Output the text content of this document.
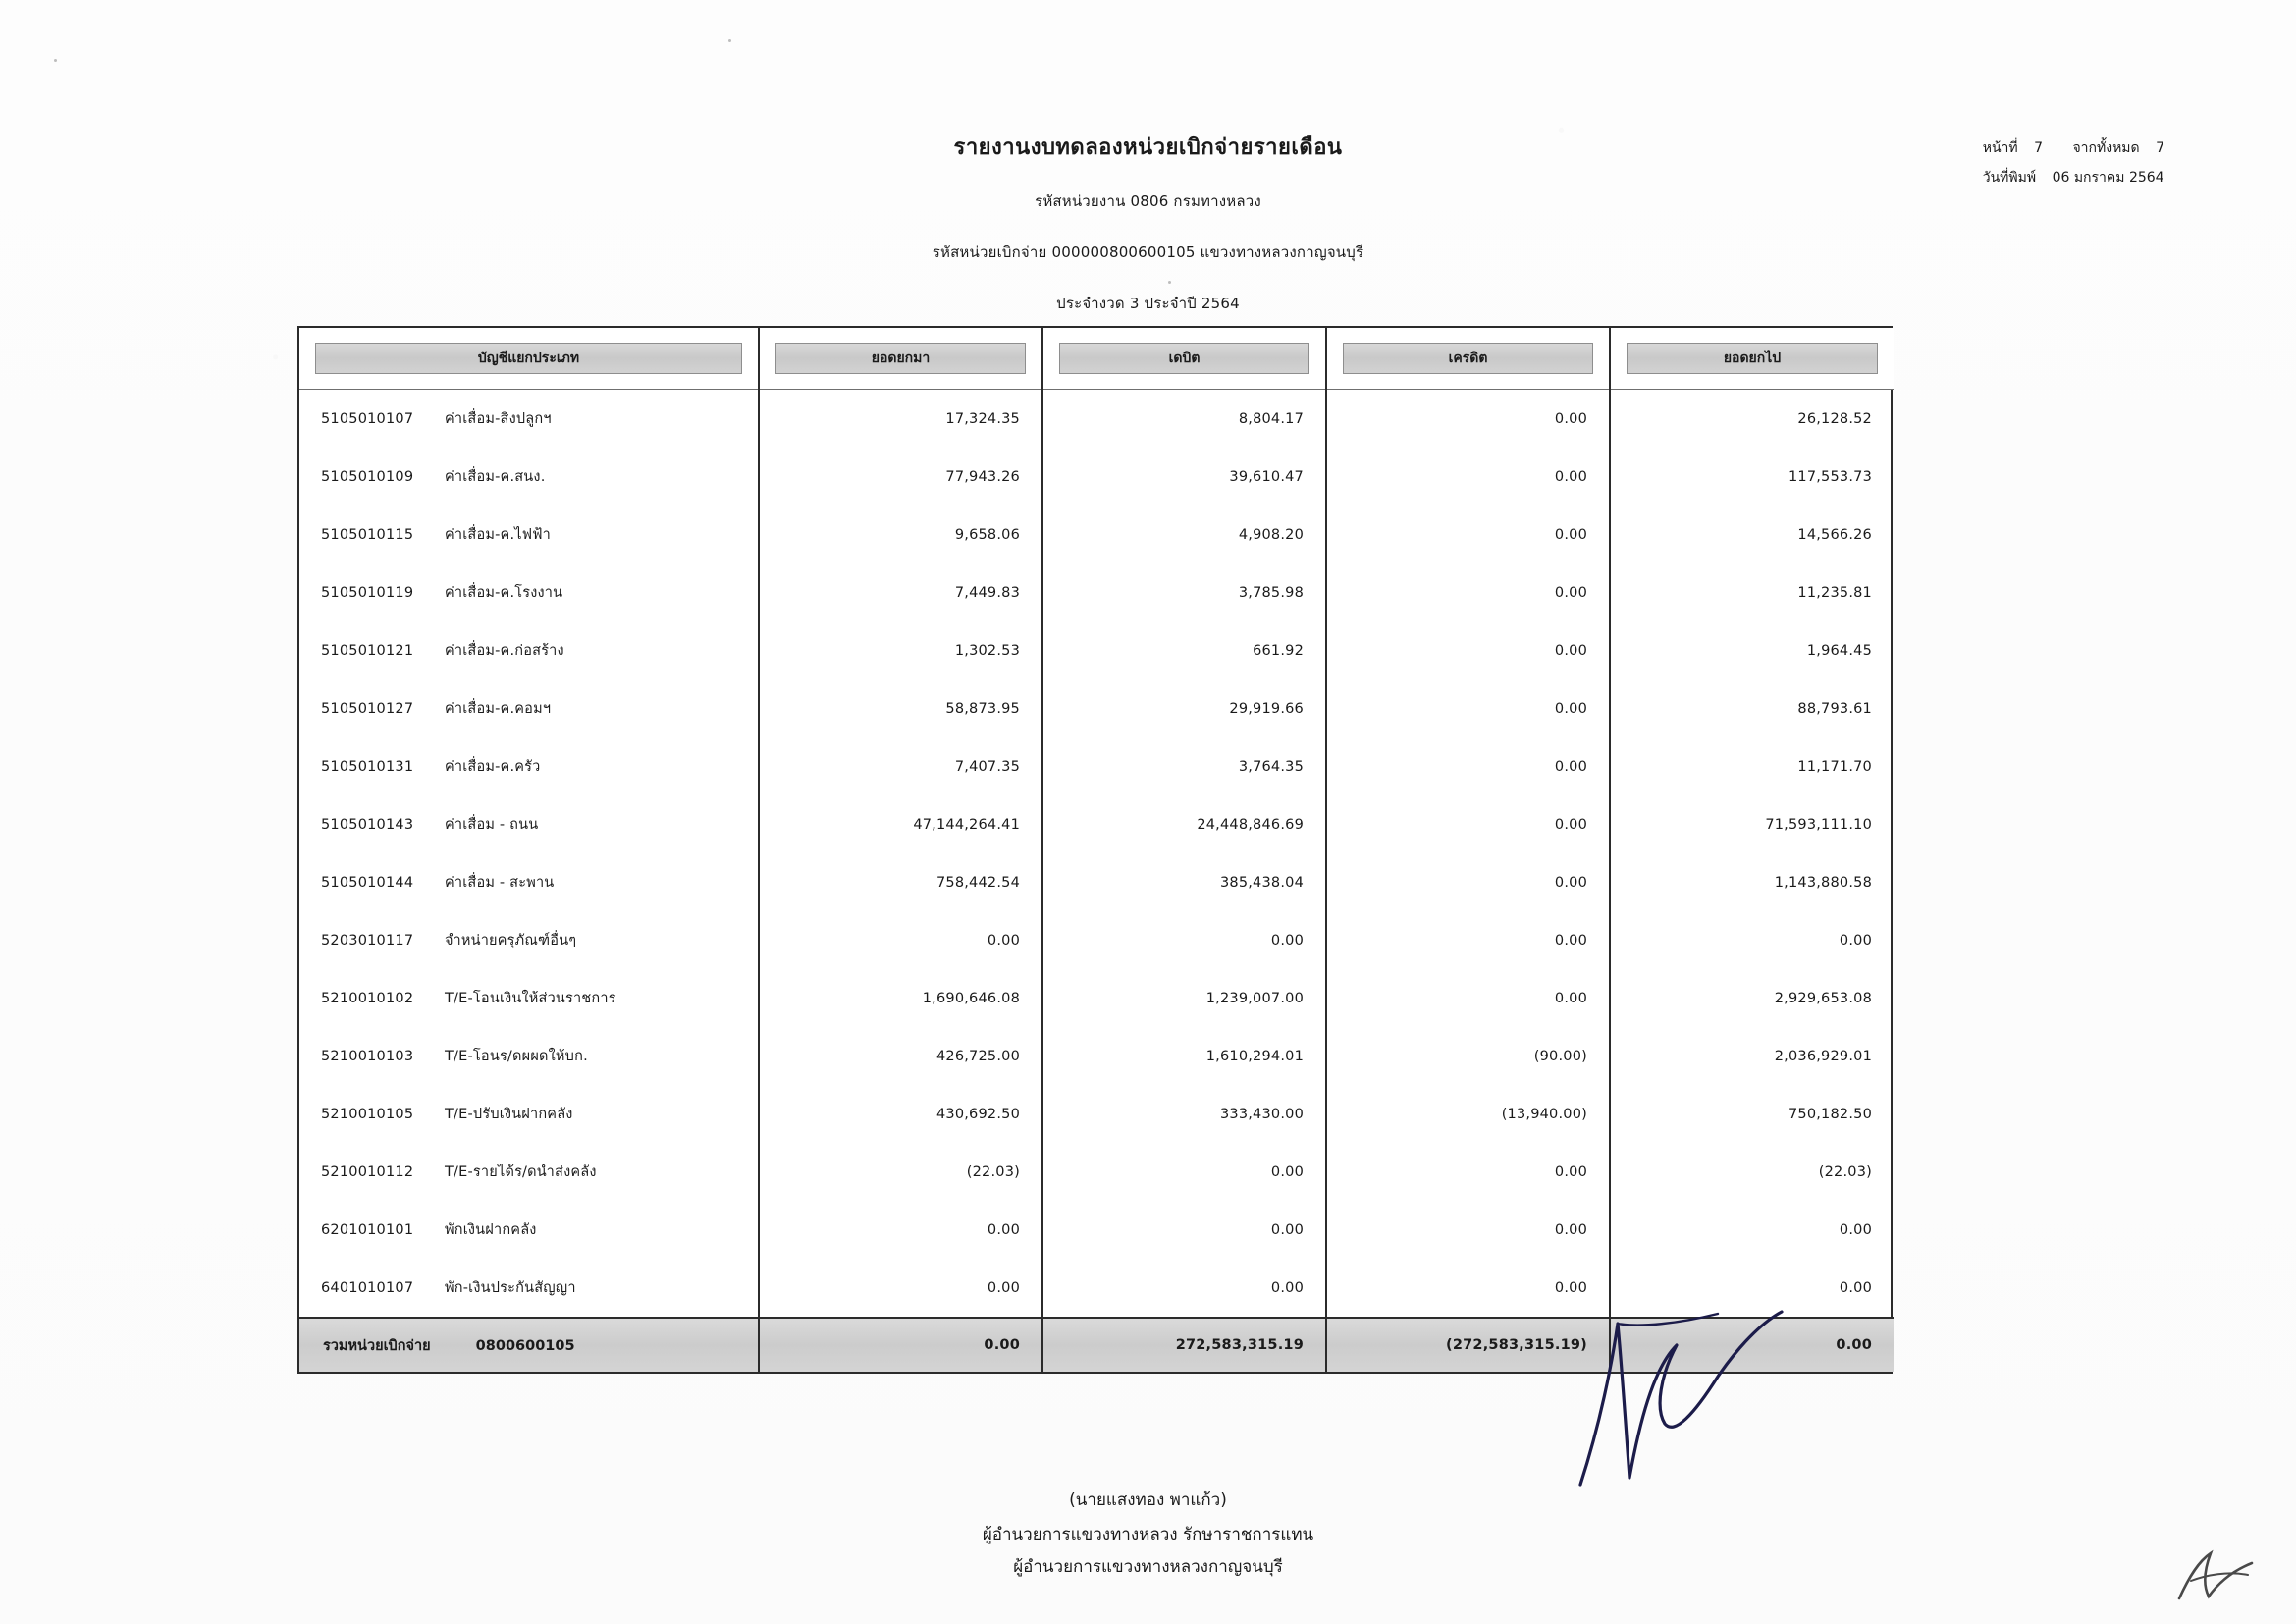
รายงานงบทดลองหน่วยเบิกจ่ายรายเดือน
รหัสหน่วยงาน 0806 กรมทางหลวง
รหัสหน่วยเบิกจ่าย 000000800600105 แขวงทางหลวงกาญจนบุรี
ประจำงวด 3 ประจำปี 2564
หน้าที่ 7 จากทั้งหมด 7
วันที่พิมพ์ 06 มกราคม 2564
บัญชีแยกประเภท	ยอดยกมา	เดบิต	เครดิต	ยอดยกไป

5105010107 ค่าเสื่อม-สิ่งปลูกฯ	17,324.35	8,804.17	0.00	26,128.52
5105010109 ค่าเสื่อม-ค.สนง.	77,943.26	39,610.47	0.00	117,553.73
5105010115 ค่าเสื่อม-ค.ไฟฟ้า	9,658.06	4,908.20	0.00	14,566.26
5105010119 ค่าเสื่อม-ค.โรงงาน	7,449.83	3,785.98	0.00	11,235.81
5105010121 ค่าเสื่อม-ค.ก่อสร้าง	1,302.53	661.92	0.00	1,964.45
5105010127 ค่าเสื่อม-ค.คอมฯ	58,873.95	29,919.66	0.00	88,793.61
5105010131 ค่าเสื่อม-ค.ครัว	7,407.35	3,764.35	0.00	11,171.70
5105010143 ค่าเสื่อม - ถนน	47,144,264.41	24,448,846.69	0.00	71,593,111.10
5105010144 ค่าเสื่อม - สะพาน	758,442.54	385,438.04	0.00	1,143,880.58
5203010117 จำหน่ายครุภัณฑ์อื่นๆ	0.00	0.00	0.00	0.00
5210010102 T/E-โอนเงินให้ส่วนราชการ	1,690,646.08	1,239,007.00	0.00	2,929,653.08
5210010103 T/E-โอนร/ดผผดให้บก.	426,725.00	1,610,294.01	(90.00)	2,036,929.01
5210010105 T/E-ปรับเงินฝากคลัง	430,692.50	333,430.00	(13,940.00)	750,182.50
5210010112 T/E-รายได้ร/ดนำส่งคลัง	(22.03)	0.00	0.00	(22.03)
6201010101 พักเงินฝากคลัง	0.00	0.00	0.00	0.00
6401010107 พัก-เงินประกันสัญญา	0.00	0.00	0.00	0.00
รวมหน่วยเบิกจ่าย 0800600105	0.00	272,583,315.19	(272,583,315.19)	0.00
(นายแสงทอง พาแก้ว)
ผู้อำนวยการแขวงทางหลวง รักษาราชการแทน
ผู้อำนวยการแขวงทางหลวงกาญจนบุรี
